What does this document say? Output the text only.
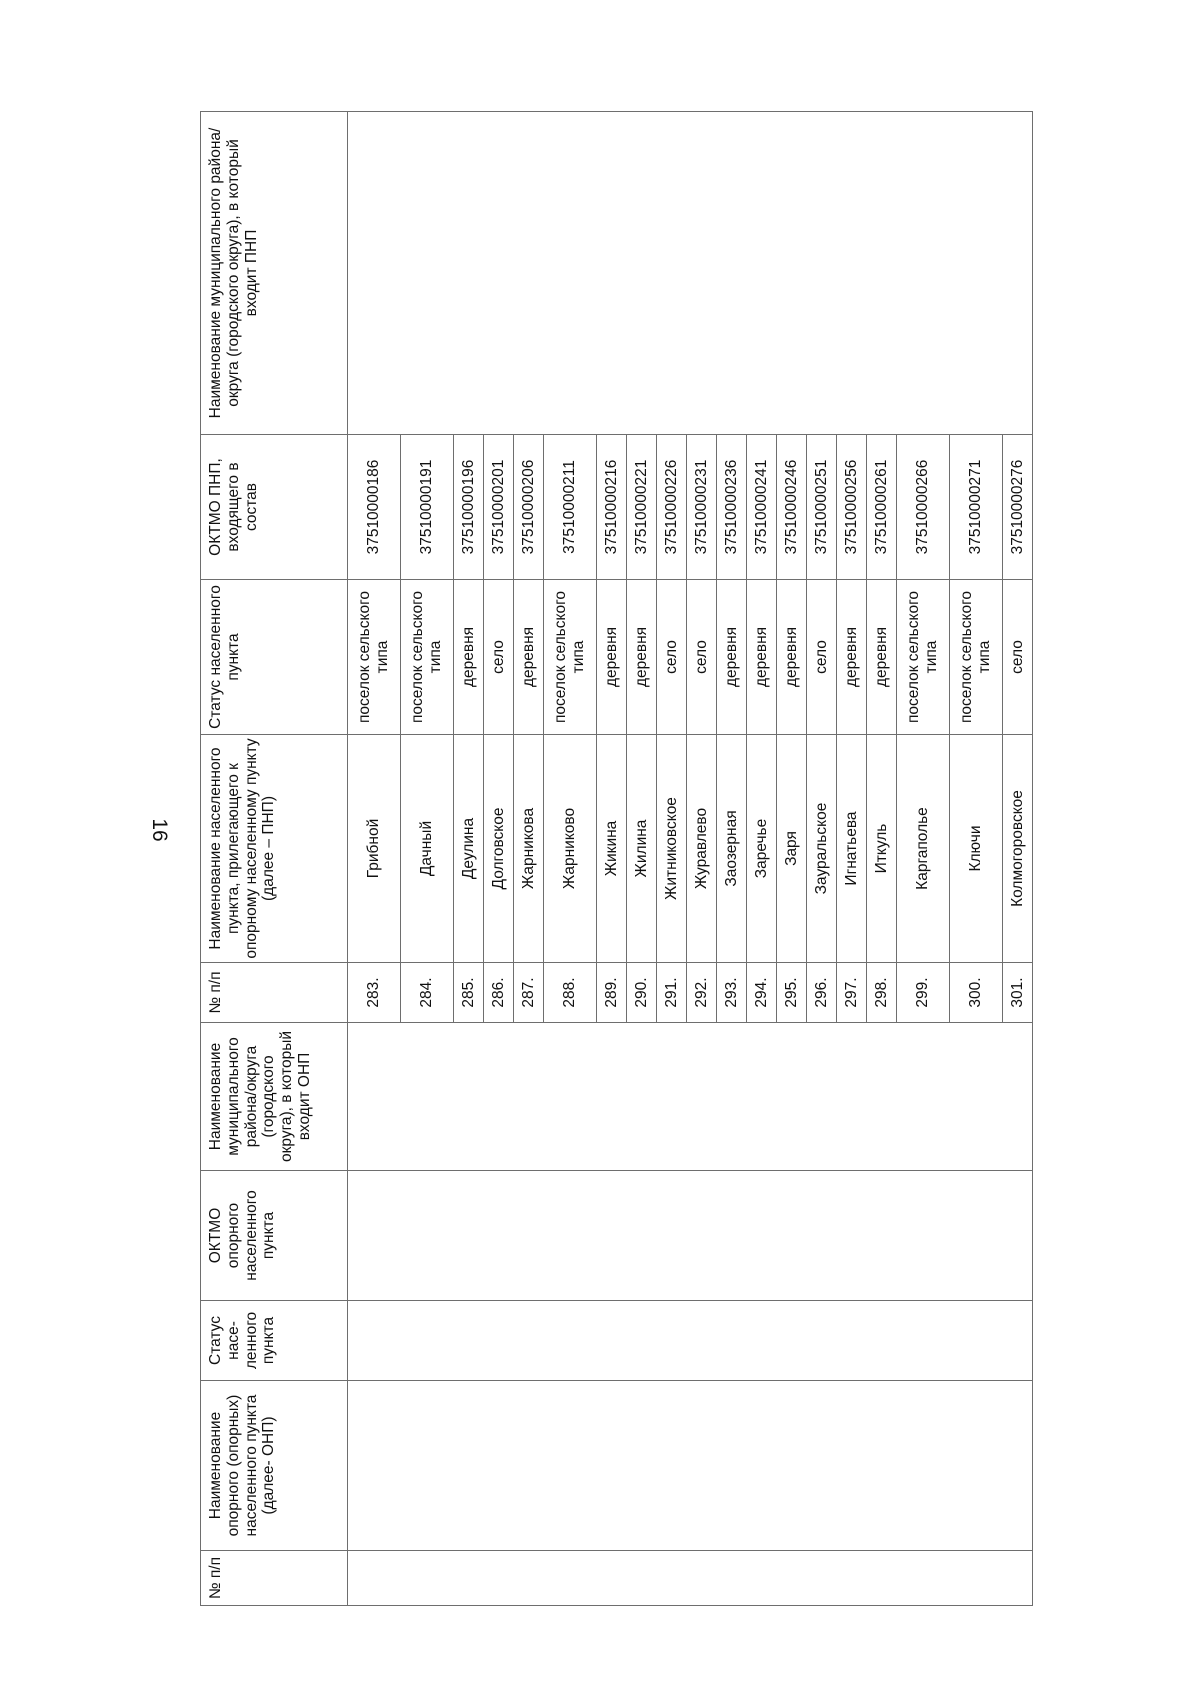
16
№ п/п	Наименование опорного (опорных) населенного пункта (далее- ОНП)	Статус насе- ленного пункта	ОКТМО опорного населенного пункта	Наименование муниципального района/округа (городского округа), в который входит ОНП	№ п/п	Наименование населенного пункта, прилегающего к опорному населенному пункту (далее – ПНП)	Статус населенного пункта	ОКТМО ПНП, входящего в состав	Наименование муниципального района/округа (городского округа), в который входит ПНП
					283.	Грибной	поселок сельского типа	37510000186	
					284.	Дачный	поселок сельского типа	37510000191	
					285.	Деулина	деревня	37510000196	
					286.	Долговское	село	37510000201	
					287.	Жарникова	деревня	37510000206	
					288.	Жарниково	поселок сельского типа	37510000211	
					289.	Жикина	деревня	37510000216	
					290.	Жилина	деревня	37510000221	
					291.	Житниковское	село	37510000226	
					292.	Журавлево	село	37510000231	
					293.	Заозерная	деревня	37510000236	
					294.	Заречье	деревня	37510000241	
					295.	Заря	деревня	37510000246	
					296.	Зауральское	село	37510000251	
					297.	Игнатьева	деревня	37510000256	
					298.	Иткуль	деревня	37510000261	
					299.	Каргаполье	поселок сельского типа	37510000266	
					300.	Ключи	поселок сельского типа	37510000271	
					301.	Колмогоровское	село	37510000276	
